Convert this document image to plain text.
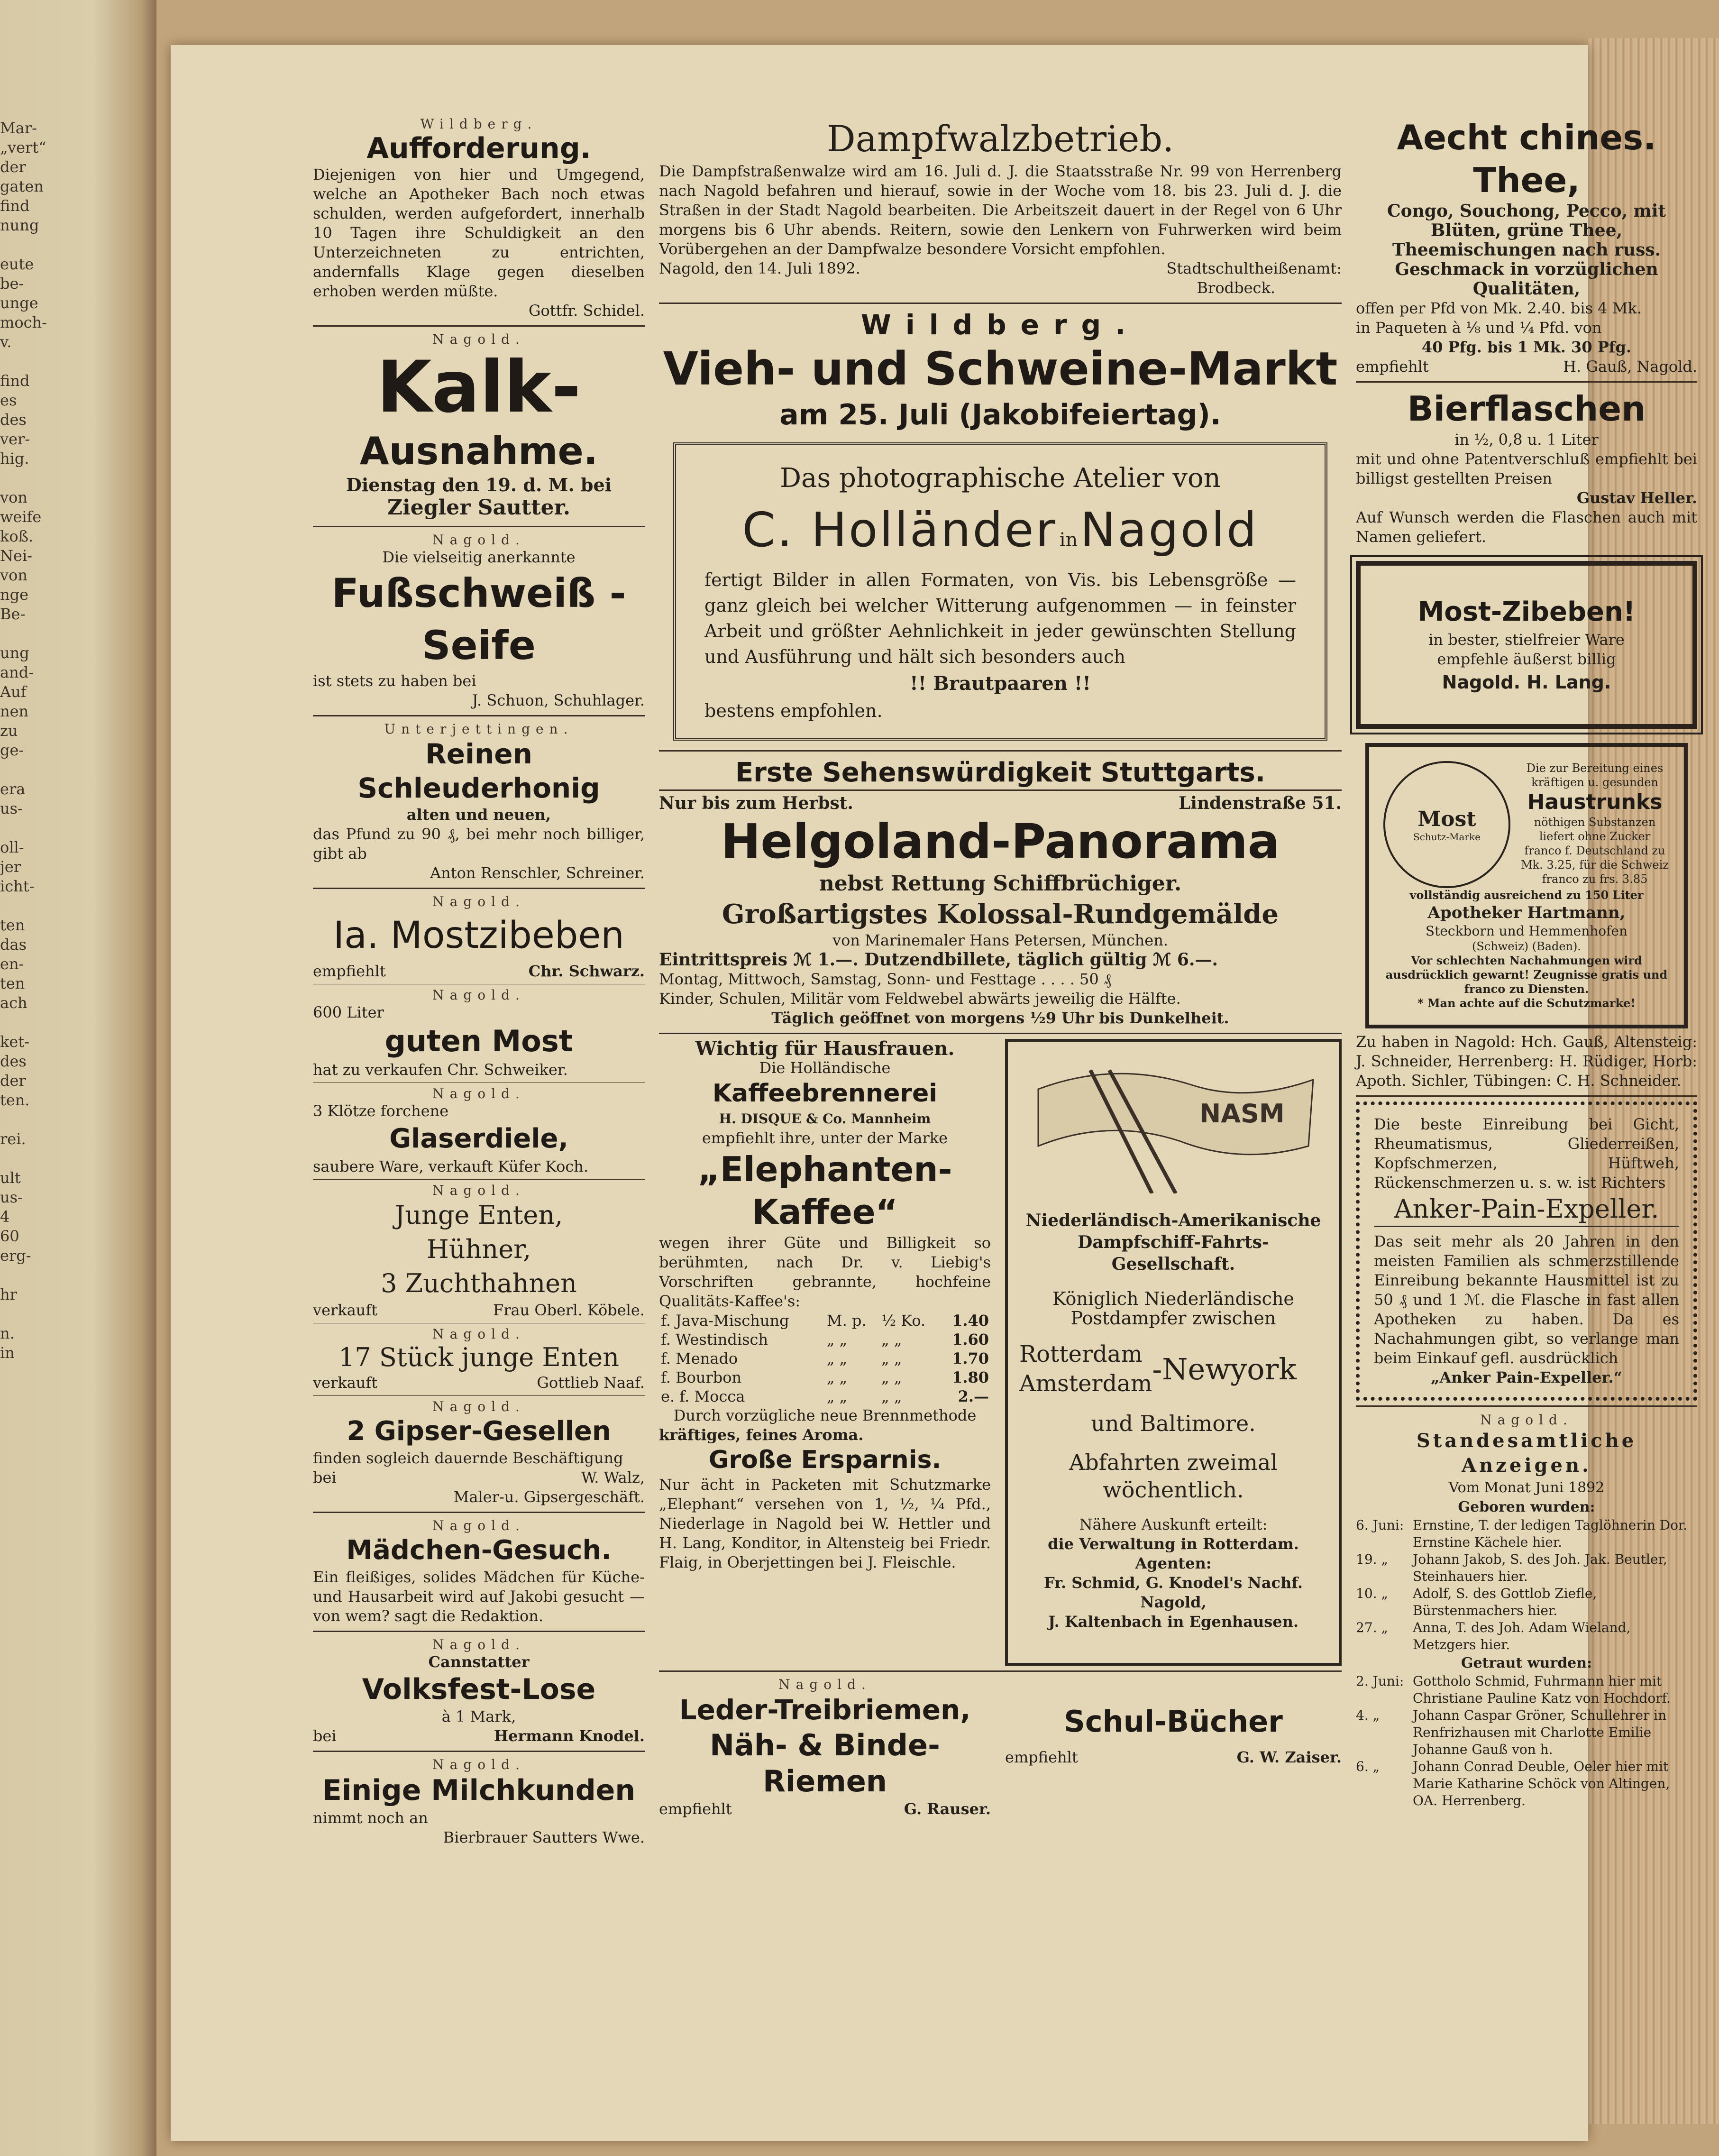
Mar-
„vert“
der
gaten
find
nung

eute
be-
unge
moch-
v.

find
es
des
ver-
hig.

von
weife
koß.
Nei-
von
nge
Be-

ung
and-
Auf
nen
zu
ge-

era
us-

oll-
jer
icht-

ten
das
en-
ten
ach

ket-
des
der
ten.

rei.

ult
us-
4
60
erg-

hr

n.
in
Wildberg.
Aufforderung.

Diejenigen von hier und Umgegend, welche an Apotheker Bach noch etwas schulden, werden aufgefordert, innerhalb 10 Tagen ihre Schuldigkeit an den Unterzeichneten zu entrichten, andernfalls Klage gegen dieselben erhoben werden müßte.

Gottfr. Schidel.

Nagold.
Kalk-
Ausnahme.

Dienstag den 19. d. M. bei

Ziegler Sautter.

Nagold.

Die vielseitig anerkannte

Fußschweiß - Seife

ist stets zu haben bei

J. Schuon, Schuhlager.

Unterjettingen.
Reinen Schleuderhonig

alten und neuen,

das Pfund zu 90 ₰, bei mehr noch billiger, gibt ab

Anton Renschler, Schreiner.

Nagold.
Ia. Mostzibeben
empfiehlt	Chr. Schwarz.
Nagold.

600 Liter

guten Most

hat zu verkaufen Chr. Schweiker.

Nagold.

3 Klötze forchene

Glaserdiele,

saubere Ware, verkauft Küfer Koch.

Nagold.

Junge Enten,

Hühner,

3 Zuchthahnen

verkauft	Frau Oberl. Köbele.
Nagold.

17 Stück junge Enten

verkauft	Gottlieb Naaf.
Nagold.
2 Gipser-Gesellen

finden sogleich dauernde Beschäftigung

bei	W. Walz,

Maler-u. Gipsergeschäft.

Nagold.
Mädchen-Gesuch.

Ein fleißiges, solides Mädchen für Küche- und Hausarbeit wird auf Jakobi gesucht — von wem? sagt die Redaktion.

Nagold.

Cannstatter

Volksfest-Lose

à 1 Mark,

bei	Hermann Knodel.
Nagold.
Einige Milchkunden

nimmt noch an

Bierbrauer Sautters Wwe.

Dampfwalzbetrieb.

Die Dampfstraßenwalze wird am 16. Juli d. J. die Staatsstraße Nr. 99 von Herrenberg nach Nagold befahren und hierauf, sowie in der Woche vom 18. bis 23. Juli d. J. die Straßen in der Stadt Nagold bearbeiten. Die Arbeitszeit dauert in der Regel von 6 Uhr morgens bis 6 Uhr abends. Reitern, sowie den Lenkern von Fuhrwerken wird beim Vorübergehen an der Dampfwalze besondere Vorsicht empfohlen.

Nagold, den 14. Juli 1892.	Stadtschultheißenamt:

Brodbeck.

Wildberg.
Vieh- und Schweine-Markt
am 25. Juli (Jakobifeiertag).

Das photographische Atelier von

C. Holländer in Nagold

fertigt Bilder in allen Formaten, von Vis. bis Lebensgröße — ganz gleich bei welcher Witterung aufgenommen — in feinster Arbeit und größter Aehnlichkeit in jeder gewünschten Stellung und Ausführung und hält sich besonders auch

!! Brautpaaren !!

bestens empfohlen.

Erste Sehenswürdigkeit Stuttgarts.
Nur bis zum Herbst.	Lindenstraße 51.
Helgoland-Panorama

nebst Rettung Schiffbrüchiger.

Großartigstes Kolossal-Rundgemälde

von Marinemaler Hans Petersen, München.

Eintrittspreis ℳ 1.—. Dutzendbillete, täglich gültig ℳ 6.—.

Montag, Mittwoch, Samstag, Sonn- und Festtage . . . . 50 ₰

Kinder, Schulen, Militär vom Feldwebel abwärts jeweilig die Hälfte.

Täglich geöffnet von morgens ½9 Uhr bis Dunkelheit.

Wichtig für Hausfrauen.

Die Holländische

Kaffeebrennerei

H. DISQUE & Co. Mannheim

empfiehlt ihre, unter der Marke

„Elephanten-
Kaffee“

wegen ihrer Güte und Billigkeit so berühmten, nach Dr. v. Liebig's Vorschriften gebrannte, hochfeine Qualitäts-Kaffee's:

f. Java-Mischung	M. p.	½ Ko.	1.40
f. Westindisch	„ „	„ „	1.60
f. Menado	„ „	„ „	1.70
f. Bourbon	„ „	„ „	1.80
e. f. Mocca	„ „	„ „	2.—

Durch vorzügliche neue Brennmethode

kräftiges, feines Aroma.

Große Ersparnis.

Nur ächt in Packeten mit Schutzmarke „Elephant“ versehen von 1, ½, ¼ Pfd., Niederlage in Nagold bei W. Hettler und H. Lang, Konditor, in Altensteig bei Friedr. Flaig, in Oberjettingen bei J. Fleischle.

NASM

Niederländisch-Amerikanische Dampfschiff-Fahrts-Gesellschaft.

Königlich Niederländische

Postdampfer zwischen

Rotterdam
Amsterdam -Newyork

und Baltimore.

Abfahrten zweimal

wöchentlich.

Nähere Auskunft erteilt:

die Verwaltung in Rotterdam.

Agenten:

Fr. Schmid, G. Knodel's Nachf. Nagold,

J. Kaltenbach in Egenhausen.

Nagold.
Leder-Treibriemen,
Näh- & Binde-Riemen
empfiehlt	G. Rauser.
Schul-Bücher
empfiehlt	G. W. Zaiser.
Aecht chines. Thee,

Congo, Souchong, Pecco, mit Blüten, grüne Thee, Theemischungen nach russ. Geschmack in vorzüglichen Qualitäten,

offen per Pfd von Mk. 2.40. bis 4 Mk.

in Paqueten à ⅛ und ¼ Pfd. von

40 Pfg. bis 1 Mk. 30 Pfg.

empfiehlt	H. Gauß, Nagold.
Bierflaschen

in ½, 0,8 u. 1 Liter

mit und ohne Patentverschluß empfiehlt bei billigst gestellten Preisen

Gustav Heller.

Auf Wunsch werden die Flaschen auch mit Namen geliefert.

Most-Zibeben!

in bester, stielfreier Ware

empfehle äußerst billig

Nagold. H. Lang.

Most
Schutz-Marke

Die zur Bereitung eines kräftigen u. gesunden

Haustrunks

nöthigen Substanzen liefert ohne Zucker franco f. Deutschland zu Mk. 3.25, für die Schweiz franco zu frs. 3.85

vollständig ausreichend zu 150 Liter

Apotheker Hartmann,

Steckborn und Hemmenhofen

(Schweiz) (Baden).

Vor schlechten Nachahmungen wird ausdrücklich gewarnt! Zeugnisse gratis und franco zu Diensten.

* Man achte auf die Schutzmarke!

Zu haben in Nagold: Hch. Gauß, Altensteig: J. Schneider, Herrenberg: H. Rüdiger, Horb: Apoth. Sichler, Tübingen: C. H. Schneider.

Die beste Einreibung bei Gicht, Rheumatismus, Gliederreißen, Kopfschmerzen, Hüftweh, Rückenschmerzen u. s. w. ist Richters

Anker-Pain-Expeller.

Das seit mehr als 20 Jahren in den meisten Familien als schmerzstillende Einreibung bekannte Hausmittel ist zu 50 ₰ und 1 ℳ. die Flasche in fast allen Apotheken zu haben. Da es Nachahmungen gibt, so verlange man beim Einkauf gefl. ausdrücklich

„Anker Pain-Expeller.“

Nagold.
Standesamtliche Anzeigen.

Vom Monat Juni 1892

Geboren wurden:

6. Juni: Ernstine, T. der ledigen Taglöhnerin Dor. Ernstine Kächele hier.
19. „	Johann Jakob, S. des Joh. Jak. Beutler, Steinhauers hier.
10. „	Adolf, S. des Gottlob Ziefle, Bürstenmachers hier.
27. „	Anna, T. des Joh. Adam Wieland, Metzgers hier.

Getraut wurden:

2. Juni: Gottholo Schmid, Fuhrmann hier mit Christiane Pauline Katz von Hochdorf.
4. „	Johann Caspar Gröner, Schullehrer in Renfrizhausen mit Charlotte Emilie Johanne Gauß von h.
6. „	Johann Conrad Deuble, Oeler hier mit Marie Katharine Schöck von Altingen, OA. Herrenberg.
